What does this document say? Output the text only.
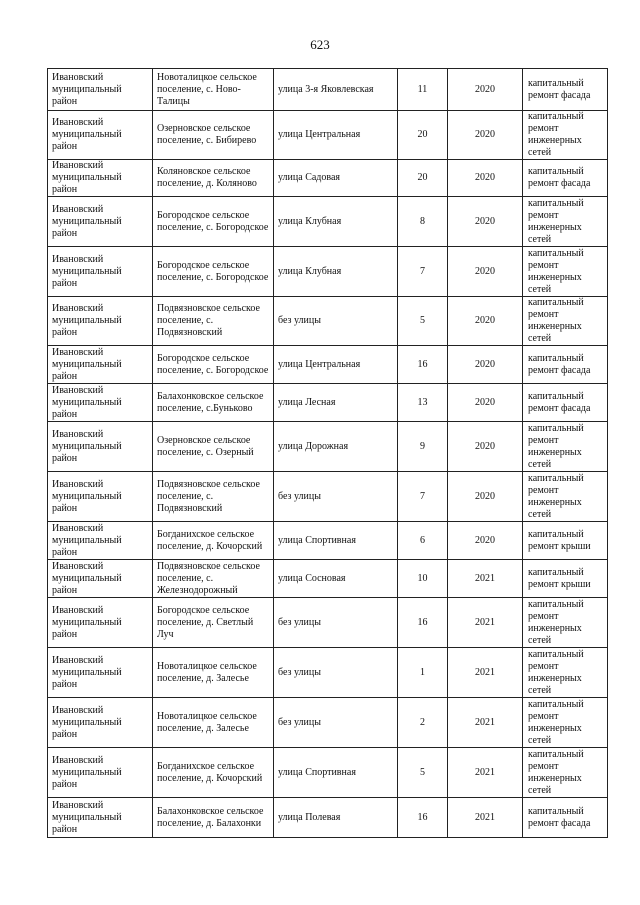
623
Ивановский муниципальный район	Новоталицкое сельское поселение, с. Ново-Талицы	улица 3-я Яковлевская	11	2020	капитальный ремонт фасада
Ивановский муниципальный район	Озерновское сельское поселение, с. Бибирево	улица Центральная	20	2020	капитальный ремонт инженерных сетей
Ивановский муниципальный район	Коляновское сельское поселение, д. Коляново	улица Садовая	20	2020	капитальный ремонт фасада
Ивановский муниципальный район	Богородское сельское поселение, с. Богородское	улица Клубная	8	2020	капитальный ремонт инженерных сетей
Ивановский муниципальный район	Богородское сельское поселение, с. Богородское	улица Клубная	7	2020	капитальный ремонт инженерных сетей
Ивановский муниципальный район	Подвязновское сельское поселение, с. Подвязновский	без улицы	5	2020	капитальный ремонт инженерных сетей
Ивановский муниципальный район	Богородское сельское поселение, с. Богородское	улица Центральная	16	2020	капитальный ремонт фасада
Ивановский муниципальный район	Балахонковское сельское поселение, с.Буньково	улица Лесная	13	2020	капитальный ремонт фасада
Ивановский муниципальный район	Озерновское сельское поселение, с. Озерный	улица Дорожная	9	2020	капитальный ремонт инженерных сетей
Ивановский муниципальный район	Подвязновское сельское поселение, с. Подвязновский	без улицы	7	2020	капитальный ремонт инженерных сетей
Ивановский муниципальный район	Богданихское сельское поселение, д. Кочорский	улица Спортивная	6	2020	капитальный ремонт крыши
Ивановский муниципальный район	Подвязновское сельское поселение, с. Железнодорожный	улица Сосновая	10	2021	капитальный ремонт крыши
Ивановский муниципальный район	Богородское сельское поселение, д. Светлый Луч	без улицы	16	2021	капитальный ремонт инженерных сетей
Ивановский муниципальный район	Новоталицкое сельское поселение, д. Залесье	без улицы	1	2021	капитальный ремонт инженерных сетей
Ивановский муниципальный район	Новоталицкое сельское поселение, д. Залесье	без улицы	2	2021	капитальный ремонт инженерных сетей
Ивановский муниципальный район	Богданихское сельское поселение, д. Кочорский	улица Спортивная	5	2021	капитальный ремонт инженерных сетей
Ивановский муниципальный район	Балахонковское сельское поселение, д. Балахонки	улица Полевая	16	2021	капитальный ремонт фасада
